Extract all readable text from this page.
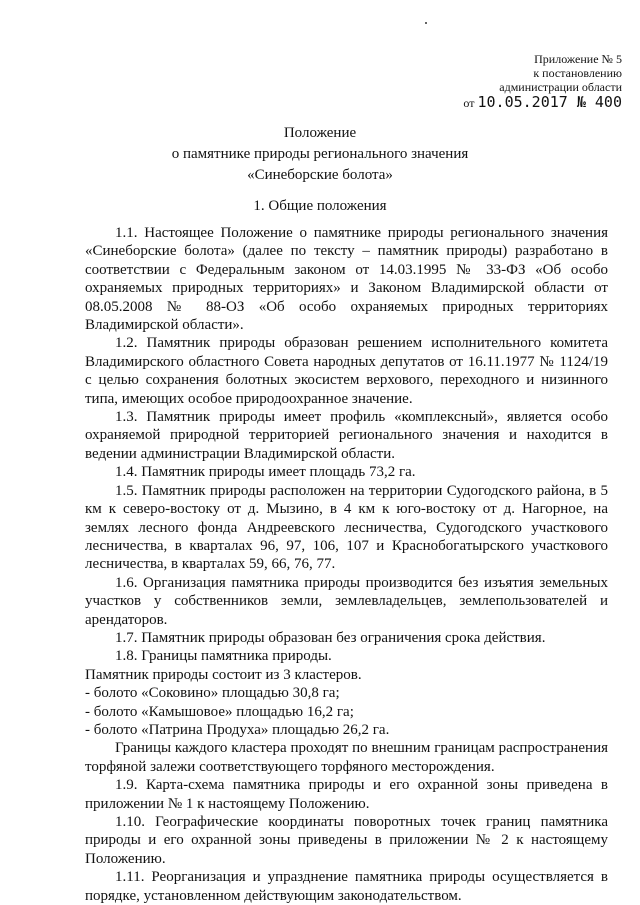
Приложение № 5
к постановлению
администрации области
от 10.05.2017 № 400
Положение
о памятнике природы регионального значения
«Синеборские болота»
1. Общие положения

1.1. Настоящее Положение о памятнике природы регионального значения «Синеборские болота» (далее по тексту – памятник природы) разработано в соответствии с Федеральным законом от 14.03.1995 № 33-ФЗ «Об особо охраняемых природных территориях» и Законом Владимирской области от 08.05.2008 № 88-ОЗ «Об особо охраняемых природных территориях Владимирской области».

1.2. Памятник природы образован решением исполнительного комитета Владимирского областного Совета народных депутатов от 16.11.1977 № 1124/19 с целью сохранения болотных экосистем верхового, переходного и низинного типа, имеющих особое природоохранное значение.

1.3. Памятник природы имеет профиль «комплексный», является особо охраняемой природной территорией регионального значения и находится в ведении администрации Владимирской области.

1.4. Памятник природы имеет площадь 73,2 га.

1.5. Памятник природы расположен на территории Судогодского района, в 5 км к северо-востоку от д. Мызино, в 4 км к юго-востоку от д. Нагорное, на землях лесного фонда Андреевского лесничества, Судогодского участкового лесничества, в кварталах 96, 97, 106, 107 и Краснобогатырского участкового лесничества, в кварталах 59, 66, 76, 77.

1.6. Организация памятника природы производится без изъятия земельных участков у собственников земли, землевладельцев, землепользователей и арендаторов.

1.7. Памятник природы образован без ограничения срока действия.

1.8. Границы памятника природы.

Памятник природы состоит из 3 кластеров.

- болото «Соковино» площадью 30,8 га;

- болото «Камышовое» площадью 16,2 га;

- болото «Патрина Продуха» площадью 26,2 га.

Границы каждого кластера проходят по внешним границам распространения торфяной залежи соответствующего торфяного месторождения.

1.9. Карта-схема памятника природы и его охранной зоны приведена в приложении № 1 к настоящему Положению.

1.10. Географические координаты поворотных точек границ памятника природы и его охранной зоны приведены в приложении № 2 к настоящему Положению.

1.11. Реорганизация и упразднение памятника природы осуществляется в порядке, установленном действующим законодательством.
